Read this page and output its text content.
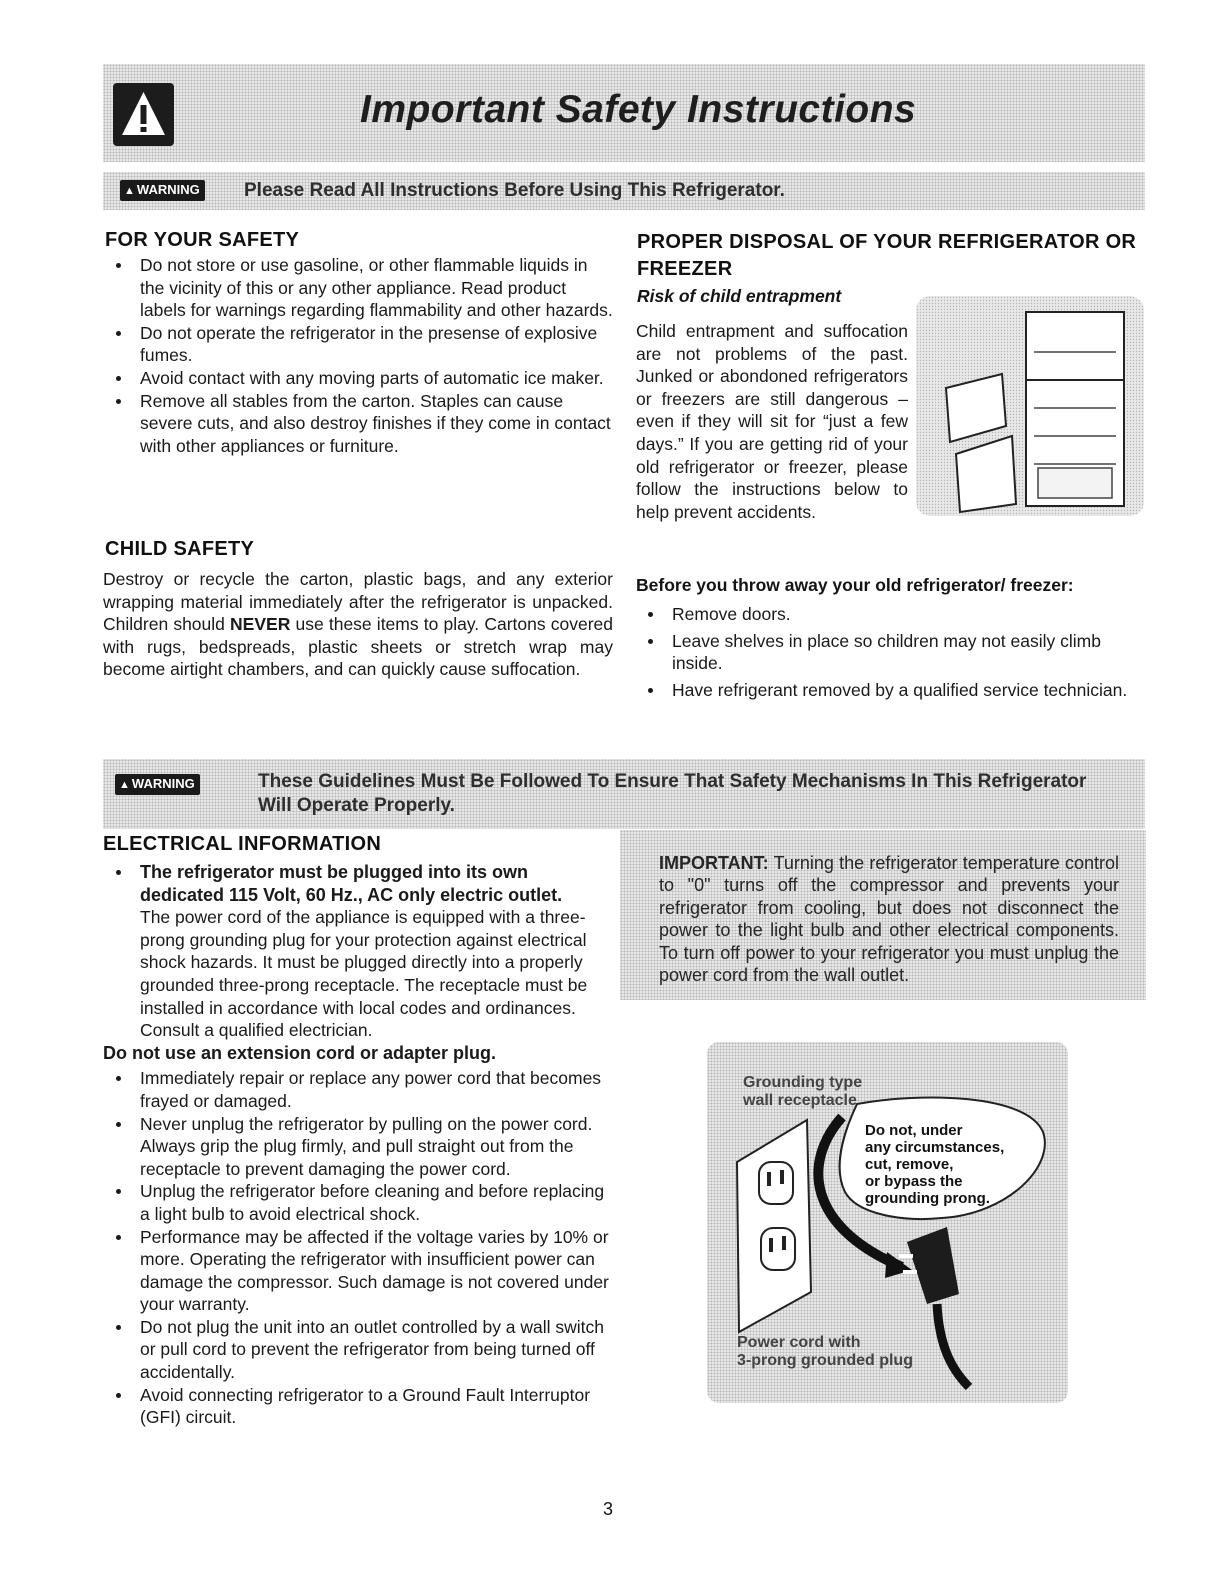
Important Safety Instructions
▲ WARNING Please Read All Instructions Before Using This Refrigerator.
FOR YOUR SAFETY
Do not store or use gasoline, or other flammable liquids in the vicinity of this or any other appliance. Read product labels for warnings regarding flammability and other hazards.
Do not operate the refrigerator in the presense of explosive fumes.
Avoid contact with any moving parts of automatic ice maker.
Remove all stables from the carton. Staples can cause severe cuts, and also destroy finishes if they come in contact with other appliances or furniture.
CHILD SAFETY

Destroy or recycle the carton, plastic bags, and any exterior wrapping material immediately after the refrigerator is unpacked. Children should NEVER use these items to play. Cartons covered with rugs, bedspreads, plastic sheets or stretch wrap may become airtight chambers, and can quickly cause suffocation.

PROPER DISPOSAL OF YOUR REFRIGERATOR OR FREEZER
Risk of child entrapment

Child entrapment and suffocation are not problems of the past. Junked or abondoned refrigerators or freezers are still dangerous – even if they will sit for “just a few days.” If you are getting rid of your old refrigerator or freezer, please follow the instructions below to help prevent accidents.

Before you throw away your old refrigerator/ freezer:
Remove doors.
Leave shelves in place so children may not easily climb inside.
Have refrigerant removed by a qualified service technician.
▲ WARNING	These Guidelines Must Be Followed To Ensure That Safety Mechanisms In This Refrigerator Will Operate Properly.
ELECTRICAL INFORMATION
The refrigerator must be plugged into its own dedicated 115 Volt, 60 Hz., AC only electric outlet.
The power cord of the appliance is equipped with a three-prong grounding plug for your protection against electrical shock hazards. It must be plugged directly into a properly grounded three-prong receptacle. The receptacle must be installed in accordance with local codes and ordinances. Consult a qualified electrician.
Do not use an extension cord or adapter plug.
Immediately repair or replace any power cord that becomes frayed or damaged.
Never unplug the refrigerator by pulling on the power cord. Always grip the plug firmly, and pull straight out from the receptacle to prevent damaging the power cord.
Unplug the refrigerator before cleaning and before replacing a light bulb to avoid electrical shock.
Performance may be affected if the voltage varies by 10% or more. Operating the refrigerator with insufficient power can damage the compressor. Such damage is not covered under your warranty.
Do not plug the unit into an outlet controlled by a wall switch or pull cord to prevent the refrigerator from being turned off accidentally.
Avoid connecting refrigerator to a Ground Fault Interruptor (GFI) circuit.

IMPORTANT: Turning the refrigerator temperature control to "0" turns off the compressor and prevents your refrigerator from cooling, but does not disconnect the power to the light bulb and other electrical components. To turn off power to your refrigerator you must unplug the power cord from the wall outlet.

Grounding type
wall receptacle
Do not, under
any circumstances,
cut, remove,
or bypass the
grounding prong.
Power cord with
3-prong grounded plug
3
